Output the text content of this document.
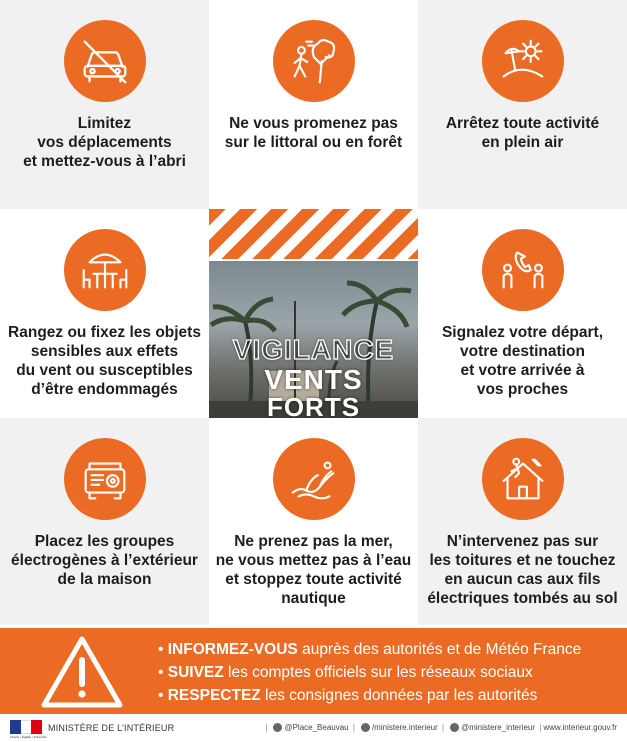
Limitez
vos déplacements
et mettez-vous à l’abri
Ne vous promenez pas
sur le littoral ou en forêt
Arrêtez toute activité
en plein air
Rangez ou fixez les objets
sensibles aux effets
du vent ou susceptibles
d’être endommagés
VIGILANCE
VENTS
FORTS
Signalez votre départ,
votre destination
et votre arrivée à
vos proches
Placez les groupes
électrogènes à l’extérieur
de la maison
Ne prenez pas la mer,
ne vous mettez pas à l’eau
et stoppez toute activité
nautique
N’intervenez pas sur
les toitures et ne touchez
en aucun cas aux fils
électriques tombés au sol
• INFORMEZ-VOUS auprès des autorités et de Météo France
• SUIVEZ les comptes officiels sur les réseaux sociaux
• RESPECTEZ les consignes données par les autorités
Liberté • Égalité • Fraternité
MINISTÈRE DE L’INTÉRIEUR	| @Place_Beauvau | /ministere.interieur | @ministere_interieur | www.interieur.gouv.fr
